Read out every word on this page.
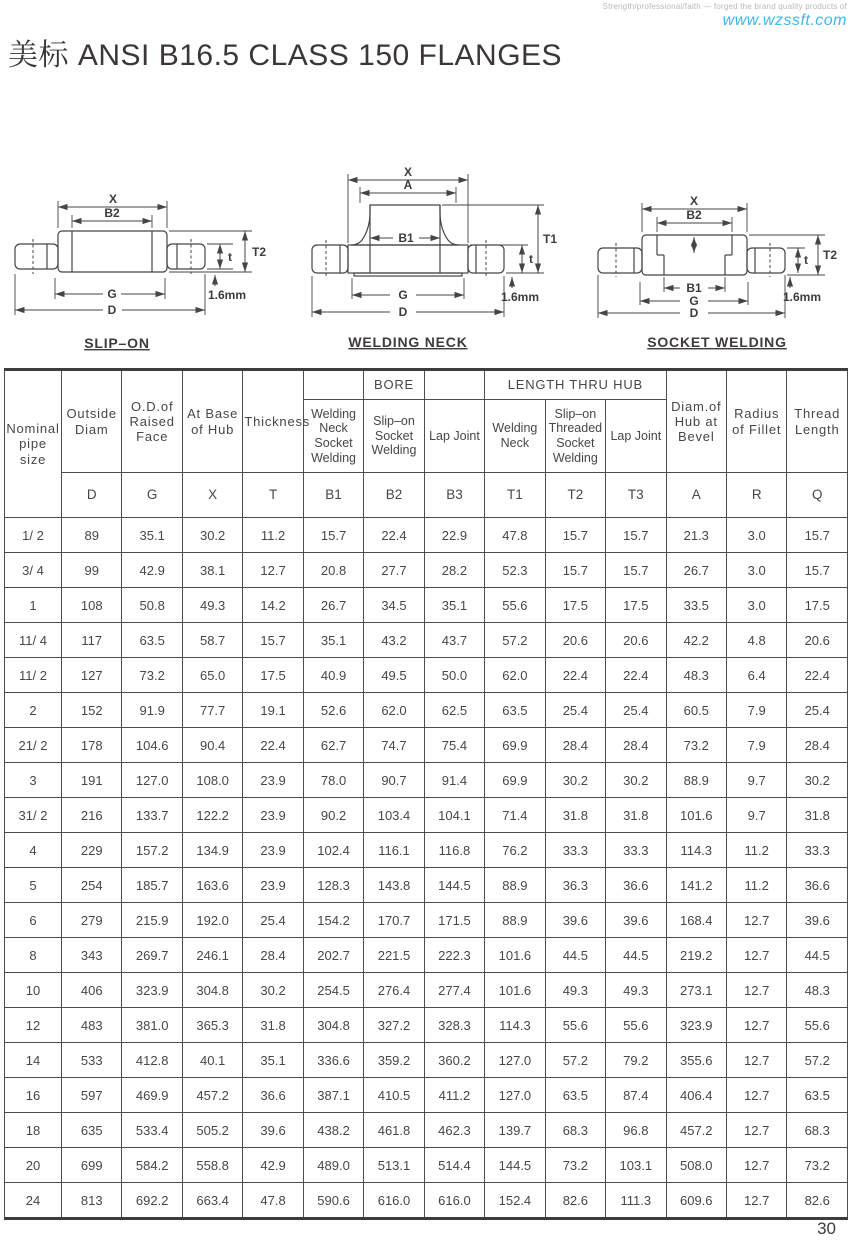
Strength/professional/faith — forged the brand quality products of
www.wzssft.com
美标 ANSI B16.5 CLASS 150 FLANGES
X
B2
t T2
1.6mm
G
D
SLIP–ON
X
A
B1	T1
t
1.6mm
G
D
WELDING NECK
X
B2
B1
G
D
t T2
1.6mm
SOCKET WELDING
Nominal pipe size	Outside Diam	O.D.of Raised Face	At Base of Hub	Thickness		BORE		LENGTH THRU HUB			Diam.of Hub at Bevel	Radius of Fillet	Thread Length
					Welding Neck Socket Welding	Slip–on Socket Welding	Lap Joint	Welding Neck	Slip–on Threaded Socket Welding	Lap Joint			
	D	G	X	T	B1	B2	B3	T1	T2	T3	A	R	Q
1/ 2	89	35.1	30.2	11.2	15.7	22.4	22.9	47.8	15.7	15.7	21.3	3.0	15.7
3/ 4	99	42.9	38.1	12.7	20.8	27.7	28.2	52.3	15.7	15.7	26.7	3.0	15.7
1	108	50.8	49.3	14.2	26.7	34.5	35.1	55.6	17.5	17.5	33.5	3.0	17.5
11/ 4	117	63.5	58.7	15.7	35.1	43.2	43.7	57.2	20.6	20.6	42.2	4.8	20.6
11/ 2	127	73.2	65.0	17.5	40.9	49.5	50.0	62.0	22.4	22.4	48.3	6.4	22.4
2	152	91.9	77.7	19.1	52.6	62.0	62.5	63.5	25.4	25.4	60.5	7.9	25.4
21/ 2	178	104.6	90.4	22.4	62.7	74.7	75.4	69.9	28.4	28.4	73.2	7.9	28.4
3	191	127.0	108.0	23.9	78.0	90.7	91.4	69.9	30.2	30.2	88.9	9.7	30.2
31/ 2	216	133.7	122.2	23.9	90.2	103.4	104.1	71.4	31.8	31.8	101.6	9.7	31.8
4	229	157.2	134.9	23.9	102.4	116.1	116.8	76.2	33.3	33.3	114.3	11.2	33.3
5	254	185.7	163.6	23.9	128.3	143.8	144.5	88.9	36.3	36.6	141.2	11.2	36.6
6	279	215.9	192.0	25.4	154.2	170.7	171.5	88.9	39.6	39.6	168.4	12.7	39.6
8	343	269.7	246.1	28.4	202.7	221.5	222.3	101.6	44.5	44.5	219.2	12.7	44.5
10	406	323.9	304.8	30.2	254.5	276.4	277.4	101.6	49.3	49.3	273.1	12.7	48.3
12	483	381.0	365.3	31.8	304.8	327.2	328.3	114.3	55.6	55.6	323.9	12.7	55.6
14	533	412.8	40.1	35.1	336.6	359.2	360.2	127.0	57.2	79.2	355.6	12.7	57.2
16	597	469.9	457.2	36.6	387.1	410.5	411.2	127.0	63.5	87.4	406.4	12.7	63.5
18	635	533.4	505.2	39.6	438.2	461.8	462.3	139.7	68.3	96.8	457.2	12.7	68.3
20	699	584.2	558.8	42.9	489.0	513.1	514.4	144.5	73.2	103.1	508.0	12.7	73.2
24	813	692.2	663.4	47.8	590.6	616.0	616.0	152.4	82.6	111.3	609.6	12.7	82.6
30
